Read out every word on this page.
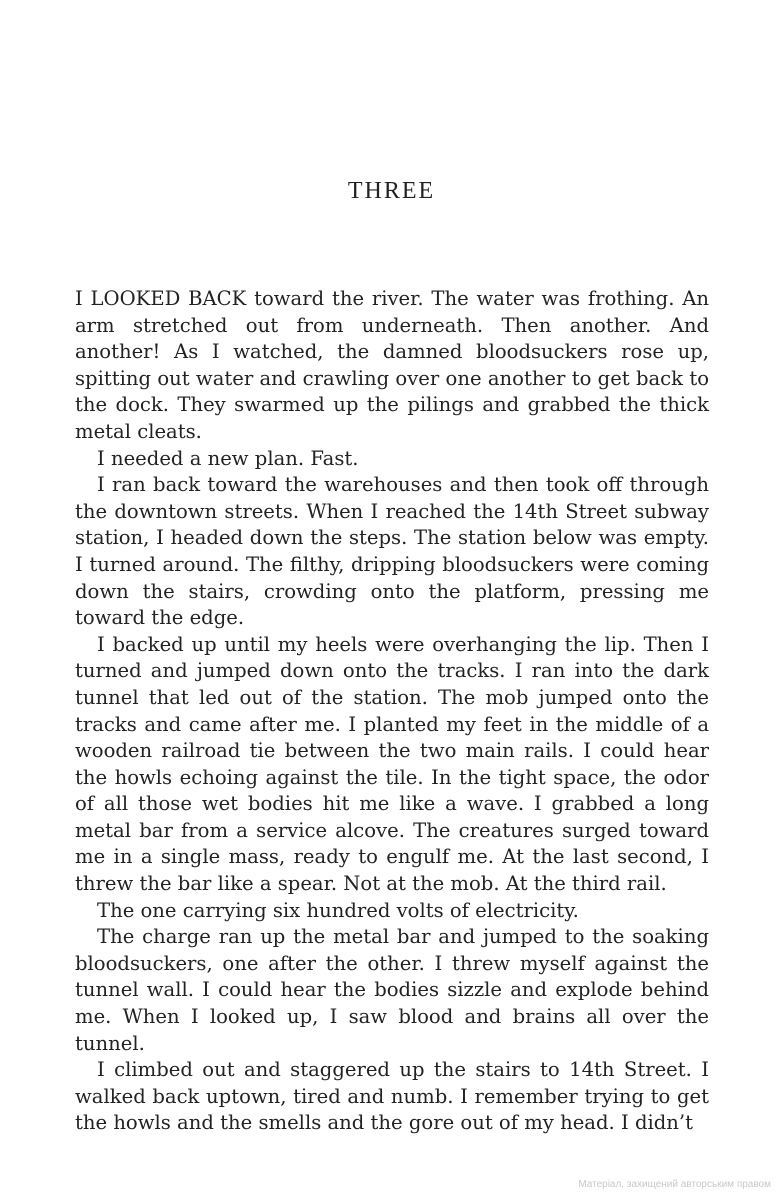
THREE

I LOOKED BACK toward the river. The water was frothing. An arm stretched out from underneath. Then another. And another! As I watched, the damned bloodsuckers rose up, spitting out water and crawling over one another to get back to the dock. They swarmed up the pilings and grabbed the thick metal cleats.

I needed a new plan. Fast.

I ran back toward the warehouses and then took off through the downtown streets. When I reached the 14th Street subway station, I headed down the steps. The station below was empty. I turned around. The filthy, dripping bloodsuckers were coming down the stairs, crowding onto the platform, pressing me toward the edge.

I backed up until my heels were overhanging the lip. Then I turned and jumped down onto the tracks. I ran into the dark tunnel that led out of the station. The mob jumped onto the tracks and came after me. I planted my feet in the middle of a wooden railroad tie between the two main rails. I could hear the howls echoing against the tile. In the tight space, the odor of all those wet bodies hit me like a wave. I grabbed a long metal bar from a service alcove. The creatures surged toward me in a single mass, ready to engulf me. At the last second, I threw the bar like a spear. Not at the mob. At the third rail.

The one carrying six hundred volts of electricity.

The charge ran up the metal bar and jumped to the soaking bloodsuckers, one after the other. I threw myself against the tunnel wall. I could hear the bodies sizzle and explode behind me. When I looked up, I saw blood and brains all over the tunnel.

I climbed out and staggered up the stairs to 14th Street. I walked back uptown, tired and numb. I remember trying to get the howls and the smells and the gore out of my head. I didn’t

Матеріал, захищений авторським правом
